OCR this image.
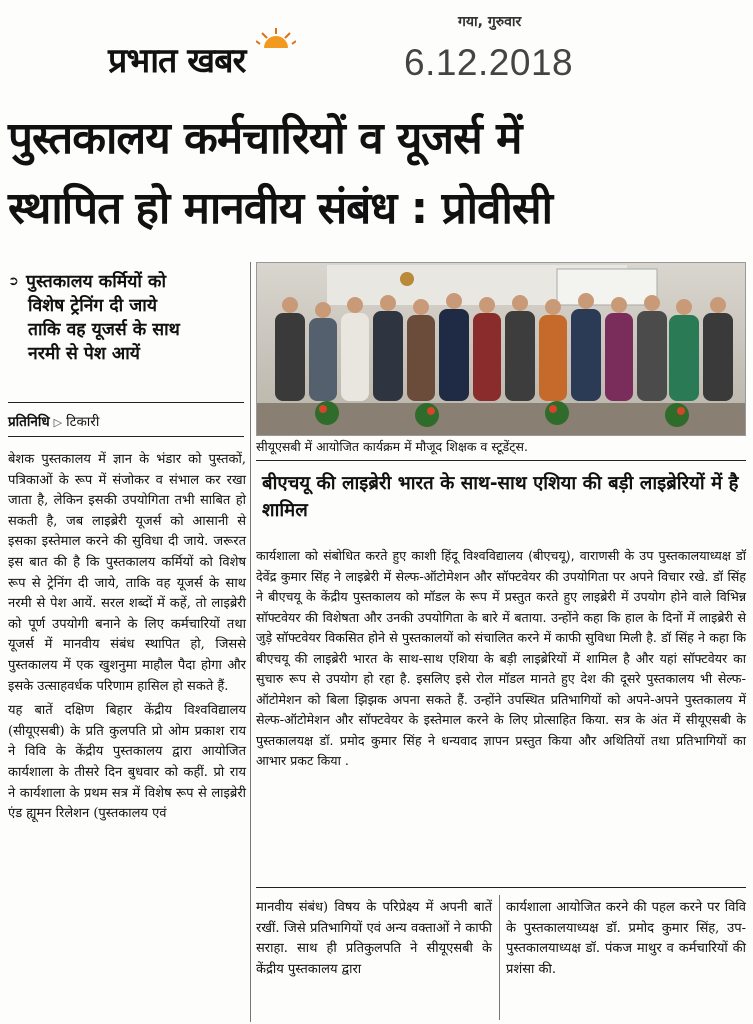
प्रभात खबर
गया, गुरुवार
6.12.2018
पुस्तकालय कर्मचारियों व यूजर्स में
स्थापित हो मानवीय संबंध : प्रोवीसी
➲ पुस्तकालय कर्मियों को
विशेष ट्रेनिंग दी जाये
ताकि वह यूजर्स के साथ
नरमी से पेश आयें
प्रतिनिधि ▷ टिकारी

बेशक पुस्तकालय में ज्ञान के भंडार को पुस्तकों, पत्रिकाओं के रूप में संजोकर व संभाल कर रखा जाता है, लेकिन इसकी उपयोगिता तभी साबित हो सकती है, जब लाइब्रेरी यूजर्स को आसानी से इसका इस्तेमाल करने की सुविधा दी जाये. जरूरत इस बात की है कि पुस्तकालय कर्मियों को विशेष रूप से ट्रेनिंग दी जाये, ताकि वह यूजर्स के साथ नरमी से पेश आयें. सरल शब्दों में कहें, तो लाइब्रेरी को पूर्ण उपयोगी बनाने के लिए कर्मचारियों तथा यूजर्स में मानवीय संबंध स्थापित हो, जिससे पुस्तकालय में एक खुशनुमा माहौल पैदा होगा और इसके उत्साहवर्धक परिणाम हासिल हो सकते हैं.

यह बातें दक्षिण बिहार केंद्रीय विश्वविद्यालय (सीयूएसबी) के प्रति कुलपति प्रो ओम प्रकाश राय ने विवि के केंद्रीय पुस्तकालय द्वारा आयोजित कार्यशाला के तीसरे दिन बुधवार को कहीं. प्रो राय ने कार्यशाला के प्रथम सत्र में विशेष रूप से लाइब्रेरी एंड ह्यूमन रिलेशन (पुस्तकालय एवं

सीयूएसबी में आयोजित कार्यक्रम में मौजूद शिक्षक व स्टूडेंट्स.
बीएचयू की लाइब्रेरी भारत के साथ-साथ एशिया की बड़ी लाइब्रेरियों में है शामिल

कार्यशाला को संबोधित करते हुए काशी हिंदू विश्वविद्यालय (बीएचयू), वाराणसी के उप पुस्तकालयाध्यक्ष डॉ देवेंद्र कुमार सिंह ने लाइब्रेरी में सेल्फ-ऑटोमेशन और सॉफ्टवेयर की उपयोगिता पर अपने विचार रखे. डॉ सिंह ने बीएचयू के केंद्रीय पुस्तकालय को मॉडल के रूप में प्रस्तुत करते हुए लाइब्रेरी में उपयोग होने वाले विभिन्न सॉफ्टवेयर की विशेषता और उनकी उपयोगिता के बारे में बताया. उन्होंने कहा कि हाल के दिनों में लाइब्रेरी से जुड़े सॉफ्टवेयर विकसित होने से पुस्तकालयों को संचालित करने में काफी सुविधा मिली है. डॉ सिंह ने कहा कि बीएचयू की लाइब्रेरी भारत के साथ-साथ एशिया के बड़ी लाइब्रेरियों में शामिल है और यहां सॉफ्टवेयर का सुचारु रूप से उपयोग हो रहा है. इसलिए इसे रोल मॉडल मानते हुए देश की दूसरे पुस्तकालय भी सेल्फ-ऑटोमेशन को बिला झिझक अपना सकते हैं. उन्होंने उपस्थित प्रतिभागियों को अपने-अपने पुस्तकालय में सेल्फ-ऑटोमेशन और सॉफ्टवेयर के इस्तेमाल करने के लिए प्रोत्साहित किया. सत्र के अंत में सीयूएसबी के पुस्तकालयक्ष डॉ. प्रमोद कुमार सिंह ने धन्यवाद ज्ञापन प्रस्तुत किया और अथितियों तथा प्रतिभागियों का आभार प्रकट किया .

मानवीय संबंध) विषय के परिप्रेक्ष्य में अपनी बातें रखीं. जिसे प्रतिभागियों एवं अन्य वक्ताओं ने काफी सराहा. साथ ही प्रतिकुलपति ने सीयूएसबी के केंद्रीय पुस्तकालय द्वारा

कार्यशाला आयोजित करने की पहल करने पर विवि के पुस्तकालयाध्यक्ष डॉ. प्रमोद कुमार सिंह, उप-पुस्तकालयाध्यक्ष डॉ. पंकज माथुर व कर्मचारियों की प्रशंसा की.
